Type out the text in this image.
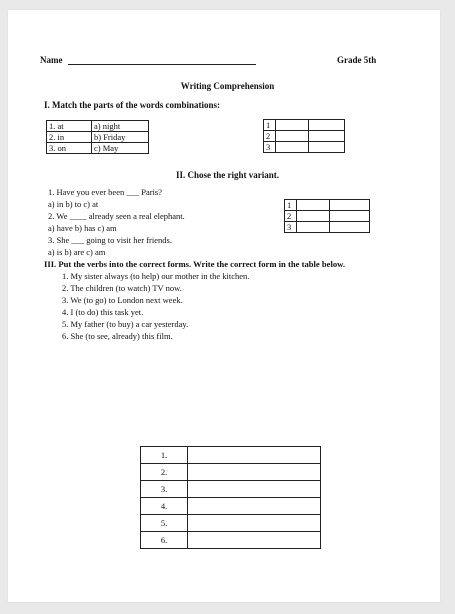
Name	Grade 5th
Writing Comprehension
I. Match the parts of the words combinations:
1. at	a) night
2. in	b) Friday
3. on	c) May
1		
2		
3		
II. Chose the right variant.
1. Have you ever been ___ Paris?
a) in b) to c) at
2. We ____ already seen a real elephant.
a) have b) has c) am
3. She ___ going to visit her friends.
a) is b) are c) am
1		
2		
3		
III. Put the verbs into the correct forms. Write the correct form in the table below.
1. My sister always (to help) our mother in the kitchen.
2. The children (to watch) TV now.
3. We (to go) to London next week.
4. I (to do) this task yet.
5. My father (to buy) a car yesterday.
6. She (to see, already) this film.
1.	
2.	
3.	
4.	
5.	
6.	
